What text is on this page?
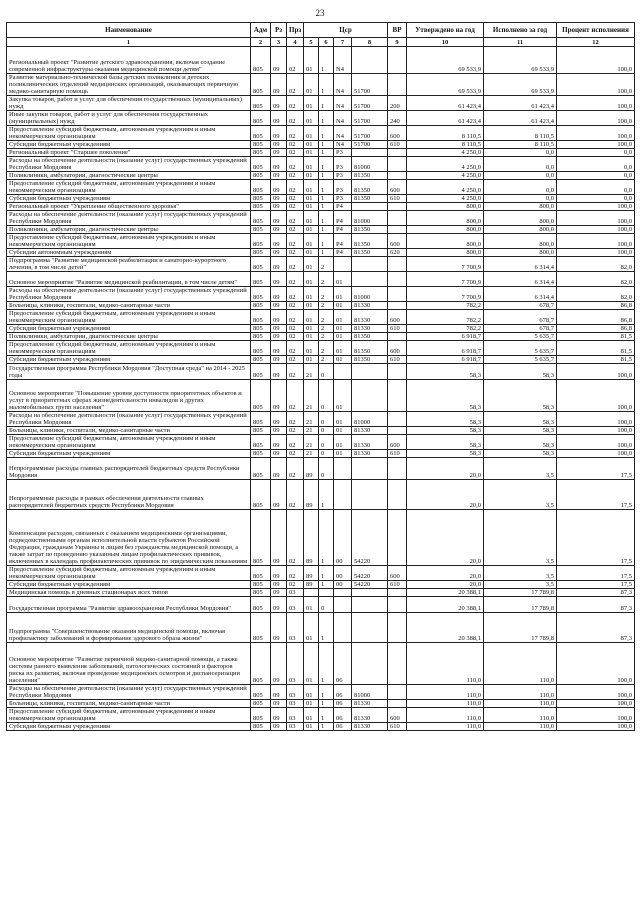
23
Наименование	Адм	Рз	Прз	Цср				ВР	Утверждено на год	Исполнено за год	Процент исполнения
1	2	3	4	5	6	7	8	9	10	11	12
Региональный проект "Развитие детского здравоохранения, включая создание современной инфраструктуры оказания медицинской помощи детям"	805	09	02	01	1	N4			69 533,9	69 533,9	100,0
Развитие материально-технической базы детских поликлиник и детских поликлинических отделений медицинских организаций, оказывающих первичную медико-санитарную помощь	805	09	02	01	1	N4	51700		69 533,9	69 533,9	100,0
Закупка товаров, работ и услуг для обеспечения государственных (муниципальных) нужд	805	09	02	01	1	N4	51700	200	61 423,4	61 423,4	100,0
Иные закупки товаров, работ и услуг для обеспечения государственных (муниципальных) нужд	805	09	02	01	1	N4	51700	240	61 423,4	61 423,4	100,0
Предоставление субсидий бюджетным, автономным учреждениям и иным некоммерческим организациям	805	09	02	01	1	N4	51700	600	8 110,5	8 110,5	100,0
Субсидии бюджетным учреждениям	805	09	02	01	1	N4	51700	610	8 110,5	8 110,5	100,0
Региональный проект "Старшее поколение"	805	09	02	01	1	P3			4 250,0	0,0	0,0
Расходы на обеспечение деятельности (оказание услуг) государственных учреждений Республики Мордовия	805	09	02	01	1	P3	81000		4 250,0	0,0	0,0
Поликлиники, амбулатории, диагностические центры	805	09	02	01	1	P3	81350		4 250,0	0,0	0,0
Предоставление субсидий бюджетным, автономным учреждениям и иным некоммерческим организациям	805	09	02	01	1	P3	81350	600	4 250,0	0,0	0,0
Субсидии бюджетным учреждениям	805	09	02	01	1	P3	81350	610	4 250,0	0,0	0,0
Региональный проект "Укрепление общественного здоровья"	805	09	02	01	1	P4			800,0	800,0	100,0
Расходы на обеспечение деятельности (оказание услуг) государственных учреждений Республики Мордовия	805	09	02	01	1	P4	81000		800,0	800,0	100,0
Поликлиники, амбулатории, диагностические центры	805	09	02	01	1	P4	81350		800,0	800,0	100,0
Предоставление субсидий бюджетным, автономным учреждениям и иным некоммерческим организациям	805	09	02	01	1	P4	81350	600	800,0	800,0	100,0
Субсидии автономным учреждениям	805	09	02	01	1	P4	81350	620	800,0	800,0	100,0
Подпрограмма "Развитие медицинской реабилитации и санаторно-курортного лечения, в том числе детей"	805	09	02	01	2				7 700,9	6 314,4	82,0
Основное мероприятие "Развитие медицинской реабилитации, в том числе детям"	805	09	02	01	2	01			7 700,9	6 314,4	82,0
Расходы на обеспечение деятельности (оказание услуг) государственных учреждений Республики Мордовия	805	09	02	01	2	01	81000		7 700,9	6 314,4	82,0
Больницы, клиники, госпитали, медико-санитарные части	805	09	02	01	2	01	81330		782,2	678,7	86,8
Предоставление субсидий бюджетным, автономным учреждениям и иным некоммерческим организациям	805	09	02	01	2	01	81330	600	782,2	678,7	86,8
Субсидии бюджетным учреждениям	805	09	02	01	2	01	81330	610	782,2	678,7	86,8
Поликлиники, амбулатории, диагностические центры	805	09	02	01	2	01	81350		6 918,7	5 635,7	81,5
Предоставление субсидий бюджетным, автономным учреждениям и иным некоммерческим организациям	805	09	02	01	2	01	81350	600	6 918,7	5 635,7	81,5
Субсидии бюджетным учреждениям	805	09	02	01	2	01	81350	610	6 918,7	5 635,7	81,5
Государственная программа Республики Мордовия "Доступная среда" на 2014 - 2025 годы	805	09	02	21	0				58,3	58,3	100,0
Основное мероприятие "Повышение уровня доступности приоритетных объектов и услуг в приоритетных сферах жизнедеятельности инвалидов и других маломобильных групп населения"	805	09	02	21	0	01			58,3	58,3	100,0
Расходы на обеспечение деятельности (оказание услуг) государственных учреждений Республики Мордовия	805	09	02	21	0	01	81000		58,3	58,3	100,0
Больницы, клиники, госпитали, медико-санитарные части	805	09	02	21	0	01	81330		58,3	58,3	100,0
Предоставление субсидий бюджетным, автономным учреждениям и иным некоммерческим организациям	805	09	02	21	0	01	81330	600	58,3	58,3	100,0
Субсидии бюджетным учреждениям	805	09	02	21	0	01	81330	610	58,3	58,3	100,0
Непрограммные расходы главных распорядителей бюджетных средств Республики Мордовия	805	09	02	89	0				20,0	3,5	17,5
Непрограммные расходы в рамках обеспечения деятельности главных распорядителей бюджетных средств Республики Мордовия	805	09	02	89	1				20,0	3,5	17,5
Компенсация расходов, связанных с оказанием медицинскими организациями, подведомственными органам исполнительной власти субъектов Российской Федерации, гражданам Украины и лицам без гражданства медицинской помощи, а также затрат по проведению указанным лицам профилактических прививок, включенных в календарь профилактических прививок по эпидемическим показаниям	805	09	02	89	1	00	54220		20,0	3,5	17,5
Предоставление субсидий бюджетным, автономным учреждениям и иным некоммерческим организациям	805	09	02	89	1	00	54220	600	20,0	3,5	17,5
Субсидии бюджетным учреждениям	805	09	02	89	1	00	54220	610	20,0	3,5	17,5
Медицинская помощь в дневных стационарах всех типов	805	09	03						20 388,1	17 789,8	87,3
Государственная программа "Развитие здравоохранения Республики Мордовия"	805	09	03	01	0				20 388,1	17 789,8	87,3
Подпрограмма "Совершенствование оказания медицинской помощи, включая профилактику заболеваний и формирование здорового образа жизни"	805	09	03	01	1				20 388,1	17 789,8	87,3
Основное мероприятие "Развитие первичной медико-санитарной помощи, а также системы раннего выявления заболеваний, патологических состояний и факторов риска их развития, включая проведение медицинских осмотров и диспансеризации населения"	805	09	03	01	1	06			110,0	110,0	100,0
Расходы на обеспечение деятельности (оказание услуг) государственных учреждений Республики Мордовия	805	09	03	01	1	06	81000		110,0	110,0	100,0
Больницы, клиники, госпитали, медико-санитарные части	805	09	03	01	1	06	81330		110,0	110,0	100,0
Предоставление субсидий бюджетным, автономным учреждениям и иным некоммерческим организациям	805	09	03	01	1	06	81330	600	110,0	110,0	100,0
Субсидии бюджетным учреждениям	805	09	03	01	1	06	81330	610	110,0	110,0	100,0
